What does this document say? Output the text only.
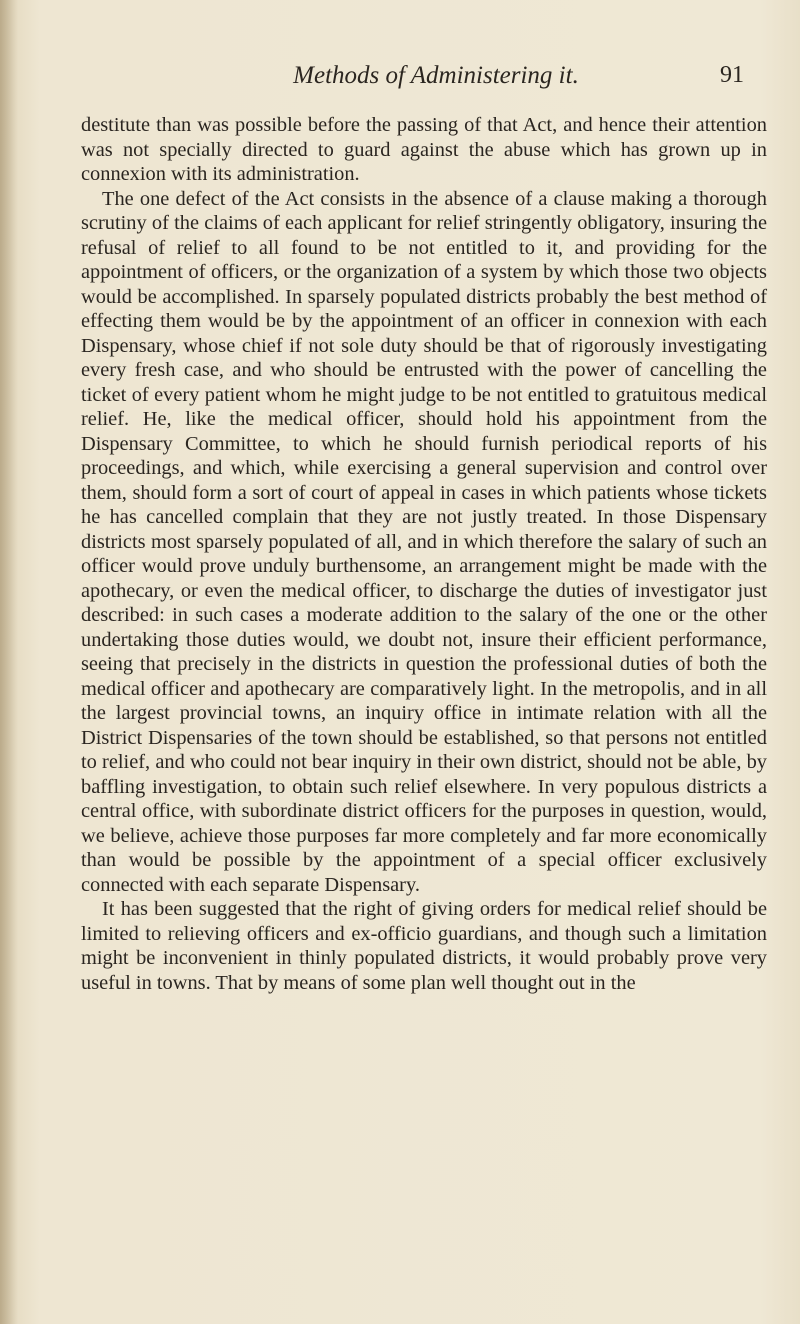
Methods of Administering it.	91

destitute than was possible before the passing of that Act, and hence their attention was not specially directed to guard against the abuse which has grown up in connexion with its administration.

The one defect of the Act consists in the absence of a clause making a thorough scrutiny of the claims of each applicant for relief stringently obligatory, insuring the refusal of relief to all found to be not entitled to it, and providing for the appointment of officers, or the organization of a system by which those two objects would be accomplished. In sparsely populated districts probably the best method of effecting them would be by the appointment of an officer in connexion with each Dispensary, whose chief if not sole duty should be that of rigorously investigating every fresh case, and who should be entrusted with the power of cancelling the ticket of every patient whom he might judge to be not entitled to gratuitous medical relief. He, like the medical officer, should hold his appointment from the Dispensary Committee, to which he should furnish periodical reports of his proceedings, and which, while exercising a general supervision and control over them, should form a sort of court of appeal in cases in which patients whose tickets he has cancelled complain that they are not justly treated. In those Dispensary districts most sparsely populated of all, and in which therefore the salary of such an officer would prove unduly burthensome, an arrangement might be made with the apothecary, or even the medical officer, to discharge the duties of investigator just described: in such cases a moderate addition to the salary of the one or the other undertaking those duties would, we doubt not, insure their efficient performance, seeing that precisely in the districts in question the professional duties of both the medical officer and apothecary are comparatively light. In the metropolis, and in all the largest provincial towns, an inquiry office in intimate relation with all the District Dispensaries of the town should be established, so that persons not entitled to relief, and who could not bear inquiry in their own district, should not be able, by baffling investigation, to obtain such relief elsewhere. In very populous districts a central office, with subordinate district officers for the purposes in question, would, we believe, achieve those purposes far more completely and far more economically than would be possible by the appointment of a special officer exclusively connected with each separate Dispensary.

It has been suggested that the right of giving orders for medical relief should be limited to relieving officers and ex-officio guardians, and though such a limitation might be inconvenient in thinly populated districts, it would probably prove very useful in towns. That by means of some plan well thought out in the
